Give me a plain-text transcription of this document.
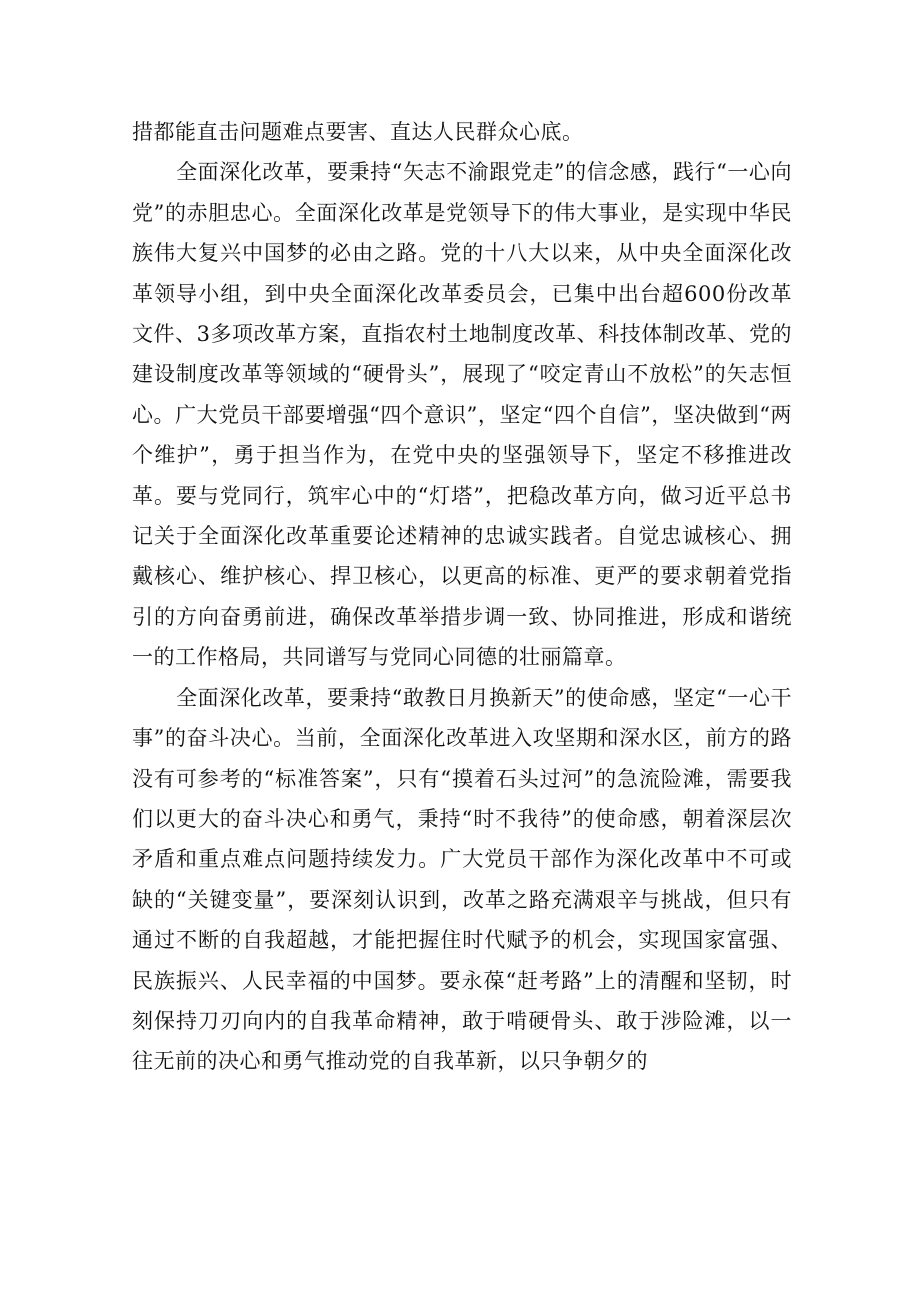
措都能直击问题难点要害、直达人民群众心底。

全面深化改革，要秉持“矢志不渝跟党走”的信念感，践行“一心向党”的赤胆忠心。全面深化改革是党领导下的伟大事业，是实现中华民族伟大复兴中国梦的必由之路。党的十八大以来，从中央全面深化改革领导小组，到中央全面深化改革委员会，已集中出台超600份改革文件、3多项改革方案，直指农村土地制度改革、科技体制改革、党的建设制度改革等领域的“硬骨头”，展现了“咬定青山不放松”的矢志恒心。广大党员干部要增强“四个意识”，坚定“四个自信”，坚决做到“两个维护”，勇于担当作为，在党中央的坚强领导下，坚定不移推进改革。要与党同行，筑牢心中的“灯塔”，把稳改革方向，做习近平总书记关于全面深化改革重要论述精神的忠诚实践者。自觉忠诚核心、拥戴核心、维护核心、捍卫核心，以更高的标准、更严的要求朝着党指引的方向奋勇前进，确保改革举措步调一致、协同推进，形成和谐统一的工作格局，共同谱写与党同心同德的壮丽篇章。

全面深化改革，要秉持“敢教日月换新天”的使命感，坚定“一心干事”的奋斗决心。当前，全面深化改革进入攻坚期和深水区，前方的路没有可参考的“标准答案”，只有“摸着石头过河”的急流险滩，需要我们以更大的奋斗决心和勇气，秉持“时不我待”的使命感，朝着深层次矛盾和重点难点问题持续发力。广大党员干部作为深化改革中不可或缺的“关键变量”，要深刻认识到，改革之路充满艰辛与挑战，但只有通过不断的自我超越，才能把握住时代赋予的机会，实现国家富强、民族振兴、人民幸福的中国梦。要永葆“赶考路”上的清醒和坚韧，时刻保持刀刃向内的自我革命精神，敢于啃硬骨头、敢于涉险滩，以一往无前的决心和勇气推动党的自我革新，以只争朝夕的
